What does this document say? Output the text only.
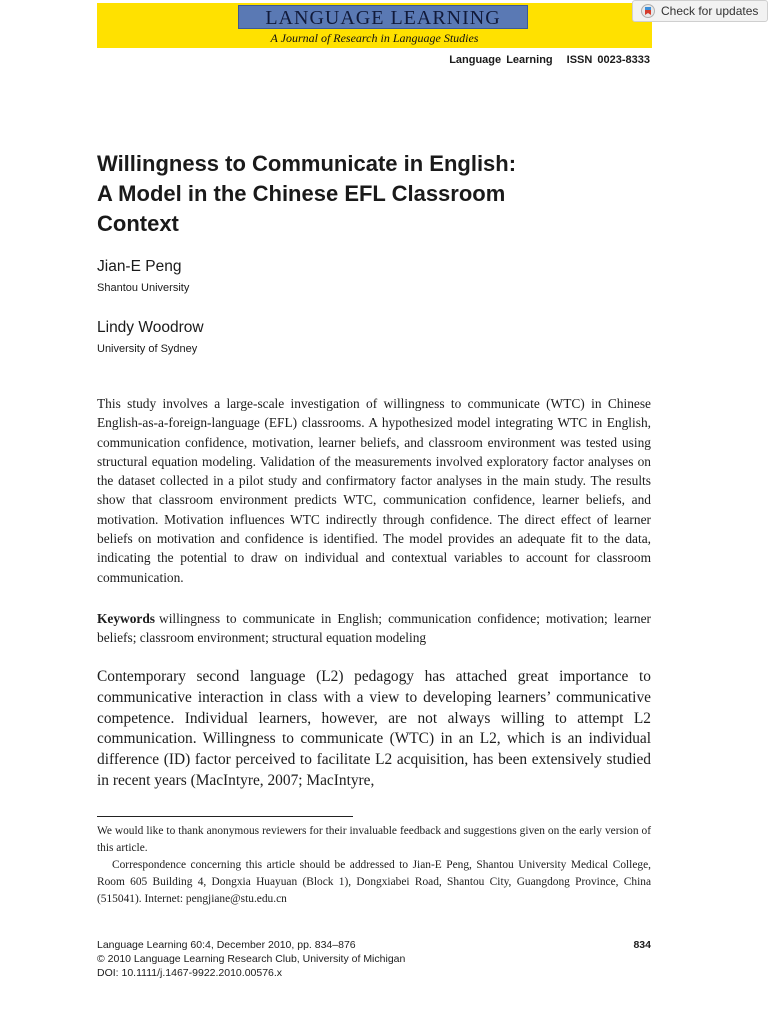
LANGUAGE LEARNING
A Journal of Research in Language Studies
Check for updates
Language Learning ISSN 0023-8333
Willingness to Communicate in English:
A Model in the Chinese EFL Classroom
Context
Jian-E Peng
Shantou University
Lindy Woodrow
University of Sydney

This study involves a large-scale investigation of willingness to communicate (WTC) in Chinese English-as-a-foreign-language (EFL) classrooms. A hypothesized model integrating WTC in English, communication confidence, motivation, learner beliefs, and classroom environment was tested using structural equation modeling. Validation of the measurements involved exploratory factor analyses on the dataset collected in a pilot study and confirmatory factor analyses in the main study. The results show that classroom environment predicts WTC, communication confidence, learner beliefs, and motivation. Motivation influences WTC indirectly through confidence. The direct effect of learner beliefs on motivation and confidence is identified. The model provides an adequate fit to the data, indicating the potential to draw on individual and contextual variables to account for classroom communication.

Keywords willingness to communicate in English; communication confidence; motivation; learner beliefs; classroom environment; structural equation modeling

Contemporary second language (L2) pedagogy has attached great importance to communicative interaction in class with a view to developing learners’ communicative competence. Individual learners, however, are not always willing to attempt L2 communication. Willingness to communicate (WTC) in an L2, which is an individual difference (ID) factor perceived to facilitate L2 acquisition, has been extensively studied in recent years (MacIntyre, 2007; MacIntyre,

We would like to thank anonymous reviewers for their invaluable feedback and suggestions given on the early version of this article.

Correspondence concerning this article should be addressed to Jian-E Peng, Shantou University Medical College, Room 605 Building 4, Dongxia Huayuan (Block 1), Dongxiabei Road, Shantou City, Guangdong Province, China (515041). Internet: pengjiane@stu.edu.cn

Language Learning 60:4, December 2010, pp. 834–876
© 2010 Language Learning Research Club, University of Michigan
DOI: 10.1111/j.1467-9922.2010.00576.x
834
